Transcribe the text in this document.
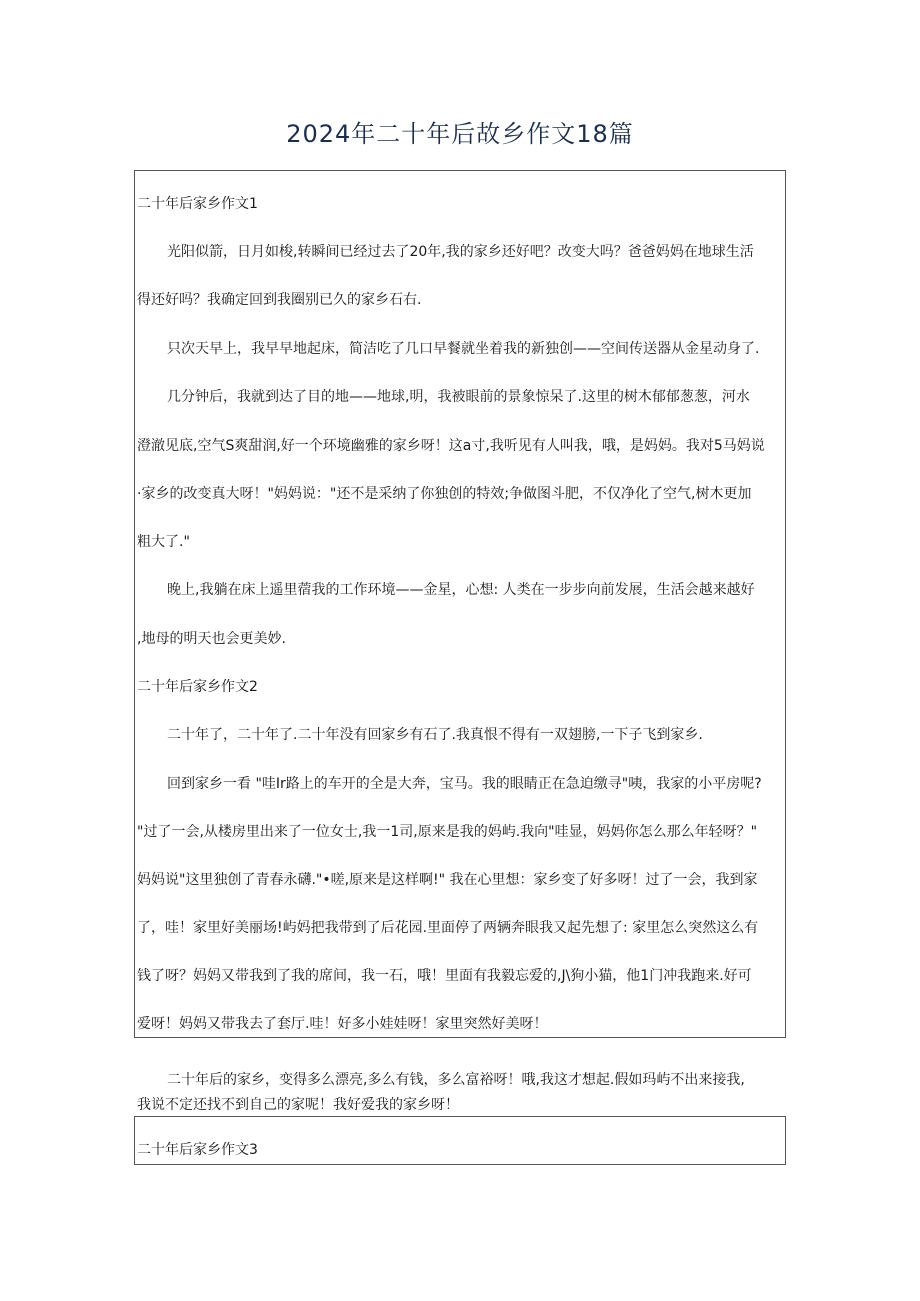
2024年二十年后故乡作文18篇
二十年后家乡作文1
光阳似箭，日月如梭,转瞬间已经过去了20年,我的家乡还好吧？改变大吗？爸爸妈妈在地球生活
得还好吗？我确定回到我圈别已久的家乡石右.
只次天早上，我早早地起床，简洁吃了几口早餐就坐着我的新独创——空间传送器从金星动身了.
几分钟后，我就到达了目的地——地球,明，我被眼前的景象惊呆了.这里的树木郁郁葱葱，河水
澄澈见底,空气S爽甜润,好一个环境幽雅的家乡呀！这a寸,我听见有人叫我，哦，是妈妈。我对5马妈说
·家乡的改变真大呀！"妈妈说："还不是采纳了你独创的特效;争做图斗肥，不仅净化了空气,树木更加
粗大了."
晚上,我躺在床上遥里蓿我的工作环境——金星，心想: 人类在一步步向前发展，生活会越来越好
,地母的明天也会更美妙.
二十年后家乡作文2
二十年了，二十年了.二十年没有回家乡有石了.我真恨不得有一双翅膀,一下子飞到家乡.
回到家乡一看 "哇Ir路上的车开的全是大奔，宝马。我的眼睛正在急迫缴寻"咦，我家的小平房呢?
"过了一会,从楼房里出来了一位女士,我一1司,原来是我的妈屿.我向"哇显，妈妈你怎么那么年轻呀？"
妈妈说"这里独创了青春永礴."•嗟,原来是这样啊!" 我在心里想：家乡变了好多呀！过了一会，我到家
了，哇！家里好美丽场!屿妈把我带到了后花园.里面停了两辆奔眼我又起先想了: 家里怎么突然这么有
钱了呀？妈妈又带我到了我的席间，我一石，哦！里面有我毅忘爱的,J\狗小猫，他1门冲我跑来.好可
爱呀！妈妈又带我去了套厅.哇！好多小娃娃呀！家里突然好美呀！
二十年后的家乡，变得多么漂亮,多么有钱，多么富裕呀！哦,我这才想起.假如玛屿不出来接我,
我说不定还找不到自己的家呢！我好爱我的家乡呀！
二十年后家乡作文3
